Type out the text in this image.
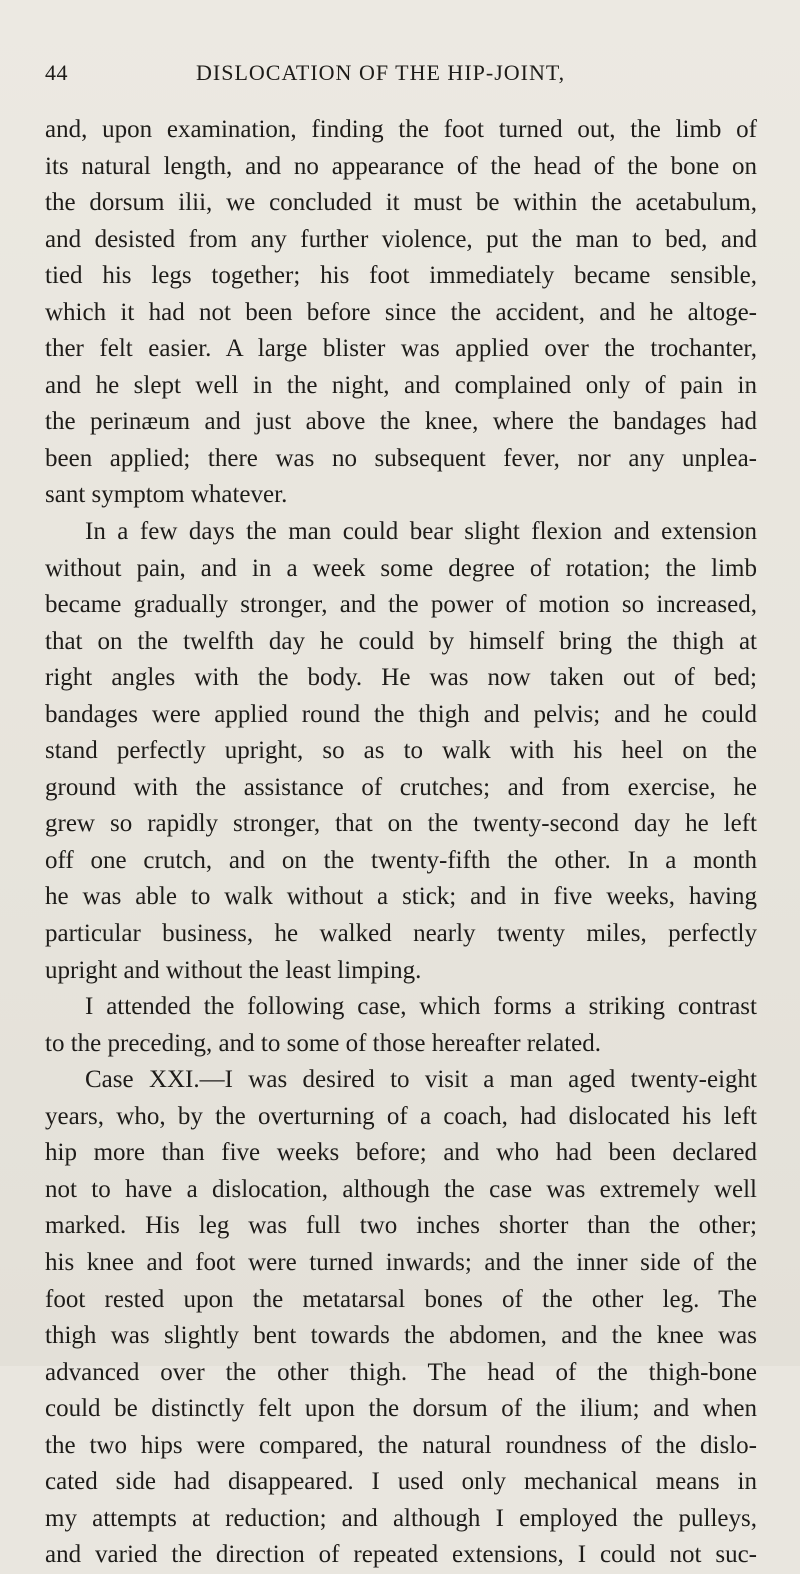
44	DISLOCATION OF THE HIP-JOINT,
and, upon examination, finding the foot turned out, the limb of
its natural length, and no appearance of the head of the bone on
the dorsum ilii, we concluded it must be within the acetabulum,
and desisted from any further violence, put the man to bed, and
tied his legs together; his foot immediately became sensible,
which it had not been before since the accident, and he altoge-
ther felt easier. A large blister was applied over the trochanter,
and he slept well in the night, and complained only of pain in
the perinæum and just above the knee, where the bandages had
been applied; there was no subsequent fever, nor any unplea-
sant symptom whatever.
In a few days the man could bear slight flexion and extension
without pain, and in a week some degree of rotation; the limb
became gradually stronger, and the power of motion so increased,
that on the twelfth day he could by himself bring the thigh at
right angles with the body. He was now taken out of bed;
bandages were applied round the thigh and pelvis; and he could
stand perfectly upright, so as to walk with his heel on the
ground with the assistance of crutches; and from exercise, he
grew so rapidly stronger, that on the twenty-second day he left
off one crutch, and on the twenty-fifth the other. In a month
he was able to walk without a stick; and in five weeks, having
particular business, he walked nearly twenty miles, perfectly
upright and without the least limping.
I attended the following case, which forms a striking contrast
to the preceding, and to some of those hereafter related.
Case XXI.—I was desired to visit a man aged twenty-eight
years, who, by the overturning of a coach, had dislocated his left
hip more than five weeks before; and who had been declared
not to have a dislocation, although the case was extremely well
marked. His leg was full two inches shorter than the other;
his knee and foot were turned inwards; and the inner side of the
foot rested upon the metatarsal bones of the other leg. The
thigh was slightly bent towards the abdomen, and the knee was
advanced over the other thigh. The head of the thigh-bone
could be distinctly felt upon the dorsum of the ilium; and when
the two hips were compared, the natural roundness of the dislo-
cated side had disappeared. I used only mechanical means in
my attempts at reduction; and although I employed the pulleys,
and varied the direction of repeated extensions, I could not suc-
